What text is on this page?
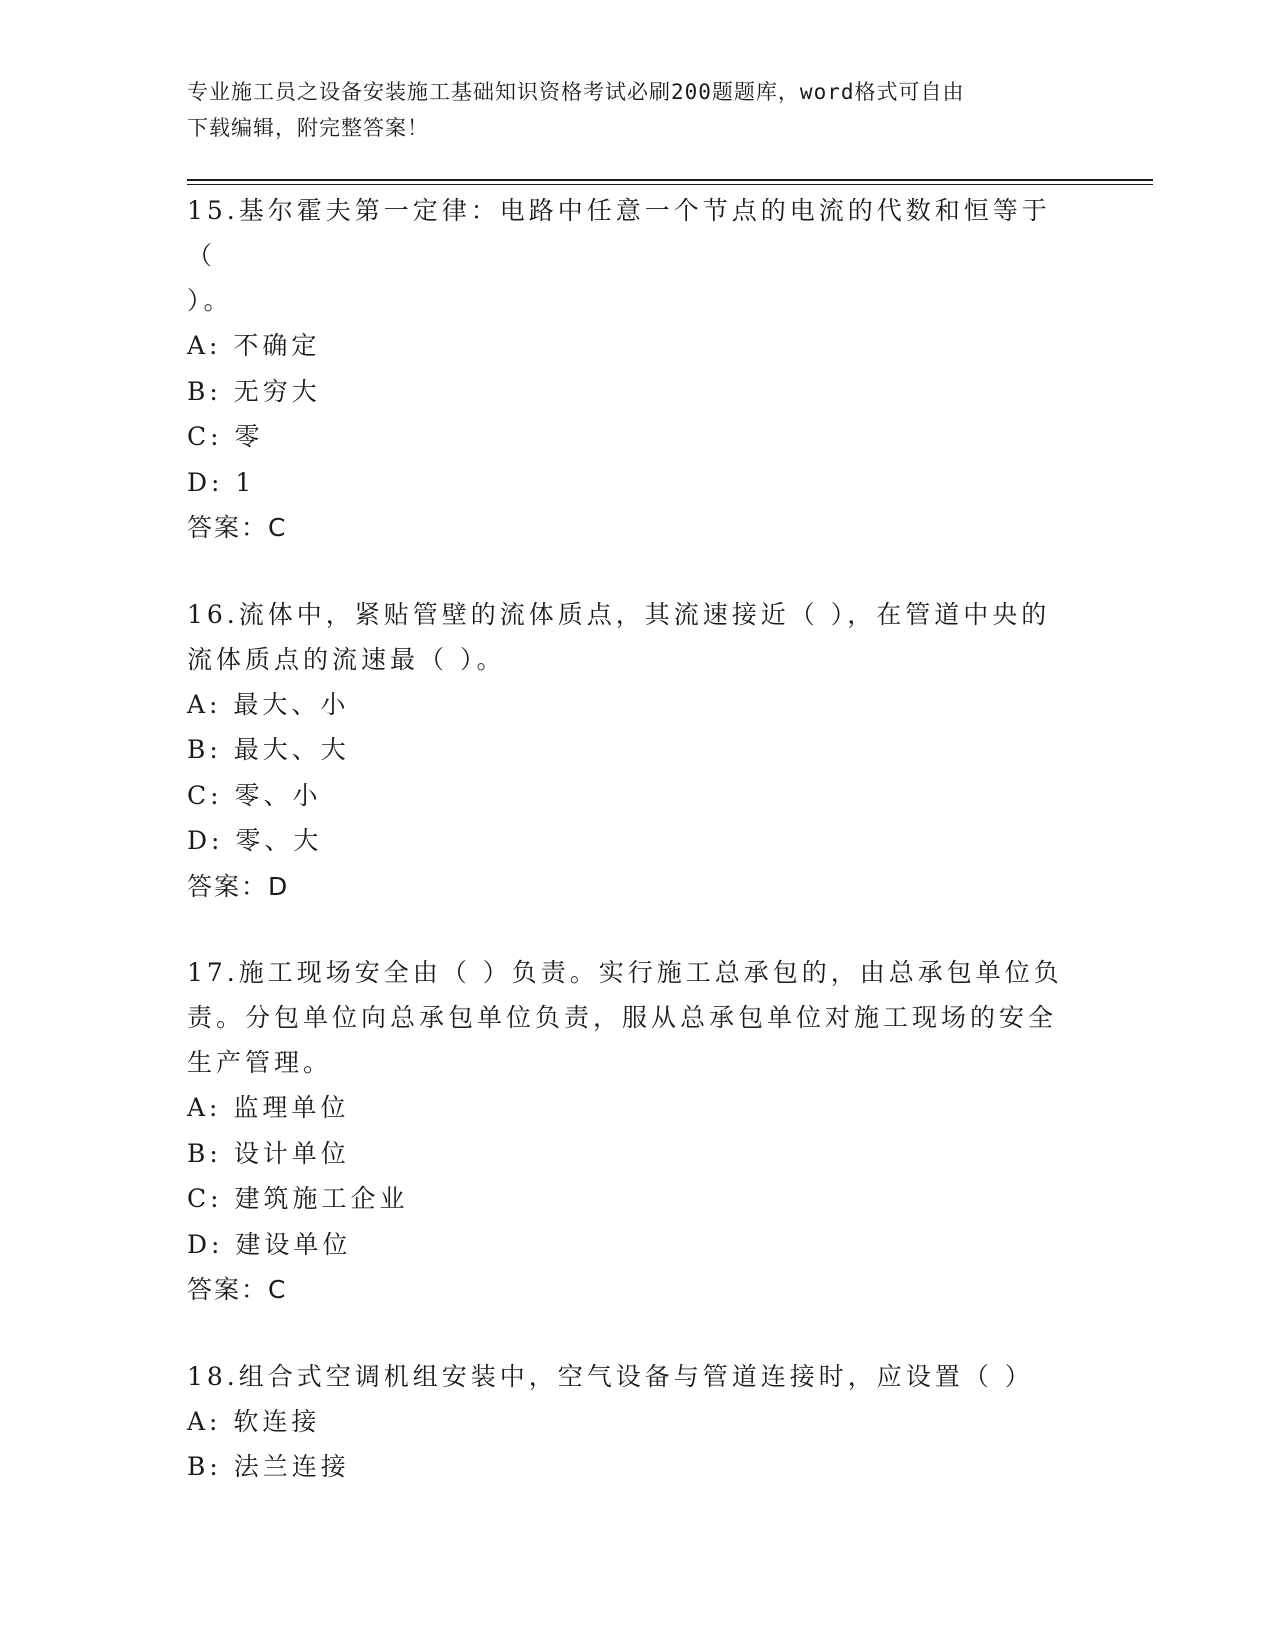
专业施工员之设备安装施工基础知识资格考试必刷200题题库，word格式可自由
下载编辑，附完整答案！

15.基尔霍夫第一定律：电路中任意一个节点的电流的代数和恒等于（

）。

A: 不确定

B: 无穷大

C: 零

D: 1

答案：C

16.流体中，紧贴管壁的流体质点，其流速接近（ ），在管道中央的

流体质点的流速最（ ）。

A: 最大、小

B: 最大、大

C: 零、小

D: 零、大

答案：D

17.施工现场安全由（ ）负责。实行施工总承包的，由总承包单位负

责。分包单位向总承包单位负责，服从总承包单位对施工现场的安全

生产管理。

A: 监理单位

B: 设计单位

C: 建筑施工企业

D: 建设单位

答案：C

18.组合式空调机组安装中，空气设备与管道连接时，应设置（ ）

A: 软连接

B: 法兰连接
